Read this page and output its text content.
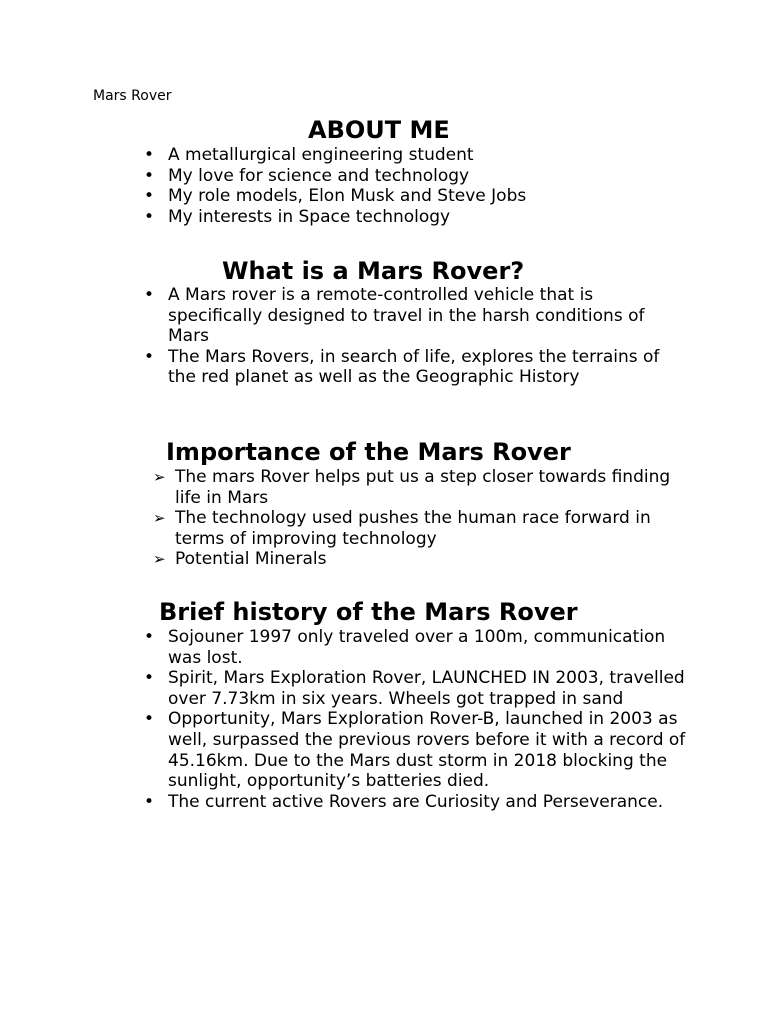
Mars Rover
ABOUT ME
• A metallurgical engineering student
• My love for science and technology
• My role models, Elon Musk and Steve Jobs
• My interests in Space technology
What is a Mars Rover?
• A Mars rover is a remote-controlled vehicle that is specifically designed to travel in the harsh conditions of Mars
• The Mars Rovers, in search of life, explores the terrains of the red planet as well as the Geographic History
Importance of the Mars Rover
➢ The mars Rover helps put us a step closer towards finding life in Mars
➢ The technology used pushes the human race forward in terms of improving technology
➢ Potential Minerals
Brief history of the Mars Rover
• Sojouner 1997 only traveled over a 100m, communication was lost.
• Spirit, Mars Exploration Rover, LAUNCHED IN 2003, travelled over 7.73km in six years. Wheels got trapped in sand
• Opportunity, Mars Exploration Rover-B, launched in 2003 as well, surpassed the previous rovers before it with a record of 45.16km. Due to the Mars dust storm in 2018 blocking the sunlight, opportunity’s batteries died.
• The current active Rovers are Curiosity and Perseverance.
